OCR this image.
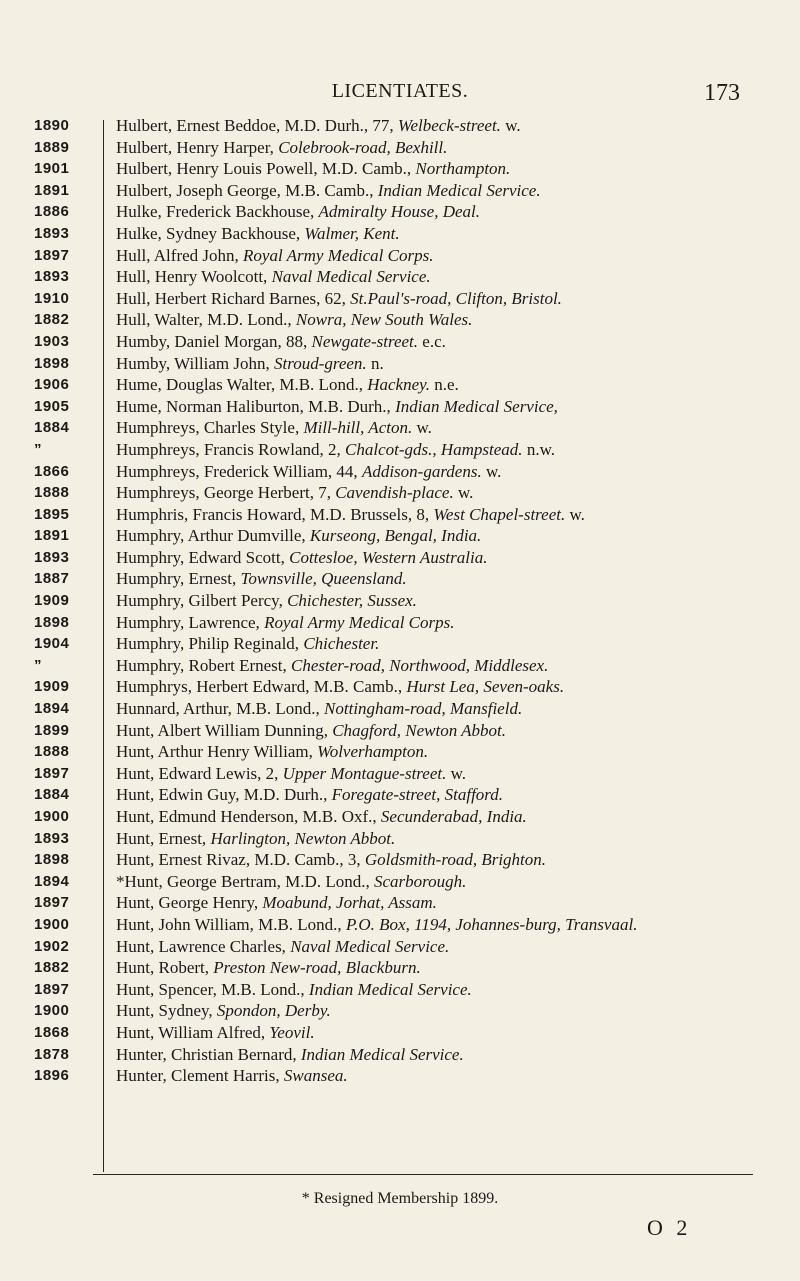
LICENTIATES.	173
1890	Hulbert, Ernest Beddoe, M.D. Durh., 77, Welbeck-street. w.
1889	Hulbert, Henry Harper, Colebrook-road, Bexhill.
1901	Hulbert, Henry Louis Powell, M.D. Camb., Northampton.
1891	Hulbert, Joseph George, M.B. Camb., Indian Medical Service.
1886	Hulke, Frederick Backhouse, Admiralty House, Deal.
1893	Hulke, Sydney Backhouse, Walmer, Kent.
1897	Hull, Alfred John, Royal Army Medical Corps.
1893	Hull, Henry Woolcott, Naval Medical Service.
1910	Hull, Herbert Richard Barnes, 62, St.Paul's-road, Clifton, Bristol.
1882	Hull, Walter, M.D. Lond., Nowra, New South Wales.
1903	Humby, Daniel Morgan, 88, Newgate-street. e.c.
1898	Humby, William John, Stroud-green. n.
1906	Hume, Douglas Walter, M.B. Lond., Hackney. n.e.
1905	Hume, Norman Haliburton, M.B. Durh., Indian Medical Service,
1884	Humphreys, Charles Style, Mill-hill, Acton. w.
”	Humphreys, Francis Rowland, 2, Chalcot-gds., Hampstead. n.w.
1866	Humphreys, Frederick William, 44, Addison-gardens. w.
1888	Humphreys, George Herbert, 7, Cavendish-place. w.
1895	Humphris, Francis Howard, M.D. Brussels, 8, West Chapel-street. w.
1891	Humphry, Arthur Dumville, Kurseong, Bengal, India.
1893	Humphry, Edward Scott, Cottesloe, Western Australia.
1887	Humphry, Ernest, Townsville, Queensland.
1909	Humphry, Gilbert Percy, Chichester, Sussex.
1898	Humphry, Lawrence, Royal Army Medical Corps.
1904	Humphry, Philip Reginald, Chichester.
”	Humphry, Robert Ernest, Chester-road, Northwood, Middlesex.
1909	Humphrys, Herbert Edward, M.B. Camb., Hurst Lea, Seven-oaks.
1894	Hunnard, Arthur, M.B. Lond., Nottingham-road, Mansfield.
1899	Hunt, Albert William Dunning, Chagford, Newton Abbot.
1888	Hunt, Arthur Henry William, Wolverhampton.
1897	Hunt, Edward Lewis, 2, Upper Montague-street. w.
1884	Hunt, Edwin Guy, M.D. Durh., Foregate-street, Stafford.
1900	Hunt, Edmund Henderson, M.B. Oxf., Secunderabad, India.
1893	Hunt, Ernest, Harlington, Newton Abbot.
1898	Hunt, Ernest Rivaz, M.D. Camb., 3, Goldsmith-road, Brighton.
1894	*Hunt, George Bertram, M.D. Lond., Scarborough.
1897	Hunt, George Henry, Moabund, Jorhat, Assam.
1900	Hunt, John William, M.B. Lond., P.O. Box, 1194, Johannes-burg, Transvaal.
1902	Hunt, Lawrence Charles, Naval Medical Service.
1882	Hunt, Robert, Preston New-road, Blackburn.
1897	Hunt, Spencer, M.B. Lond., Indian Medical Service.
1900	Hunt, Sydney, Spondon, Derby.
1868	Hunt, William Alfred, Yeovil.
1878	Hunter, Christian Bernard, Indian Medical Service.
1896	Hunter, Clement Harris, Swansea.
* Resigned Membership 1899.
O 2
